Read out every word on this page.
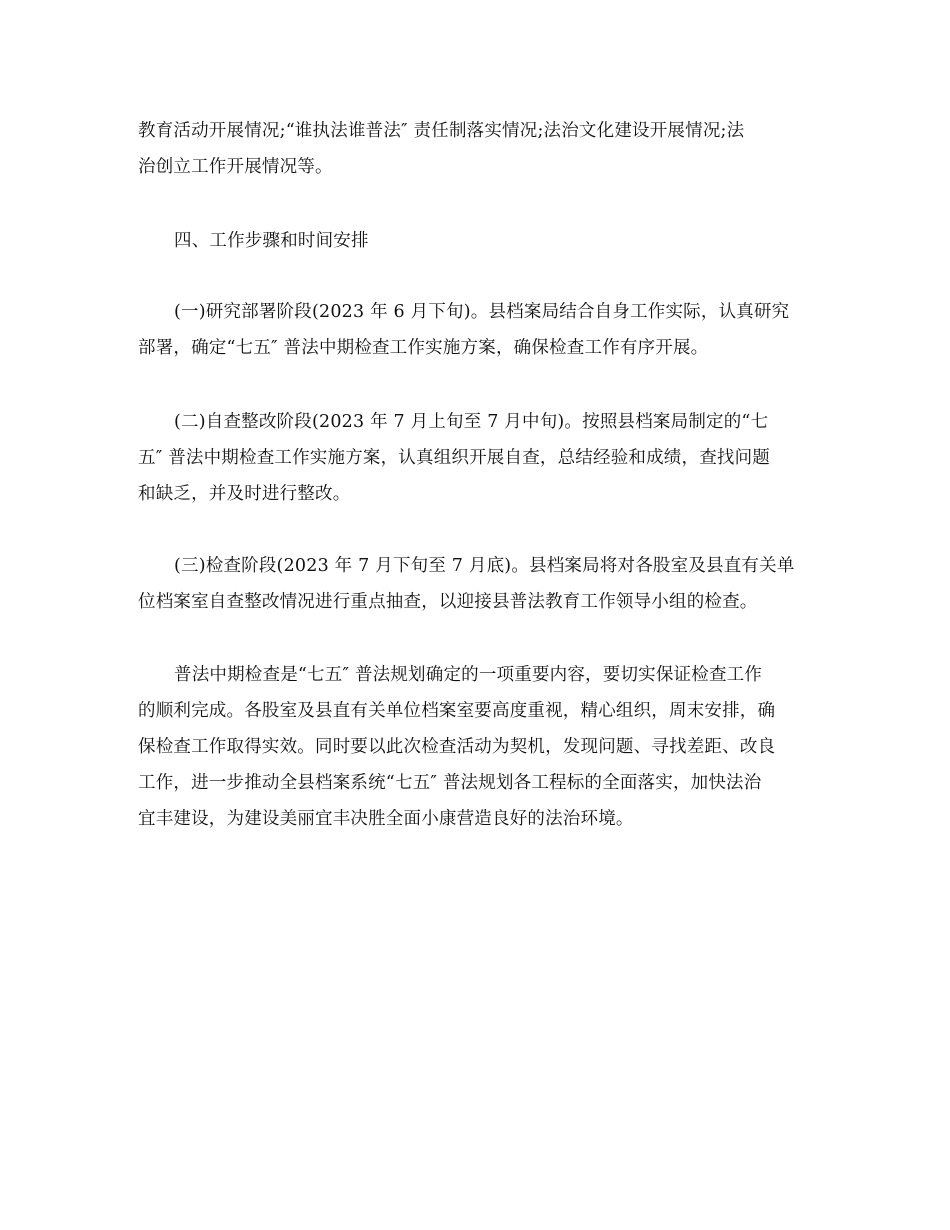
教育活动开展情况;“谁执法谁普法″ 责任制落实情况;法治文化建设开展情况;法
治创立工作开展情况等。
四、工作步骤和时间安排
(一)研究部署阶段(2023 年 6 月下旬)。县档案局结合自身工作实际，认真研究
部署，确定“七五″ 普法中期检查工作实施方案，确保检查工作有序开展。
(二)自查整改阶段(2023 年 7 月上旬至 7 月中旬)。按照县档案局制定的“七
五″ 普法中期检查工作实施方案，认真组织开展自查，总结经验和成绩，查找问题
和缺乏，并及时进行整改。
(三)检查阶段(2023 年 7 月下旬至 7 月底)。县档案局将对各股室及县直有关单
位档案室自查整改情况进行重点抽查，以迎接县普法教育工作领导小组的检查。
普法中期检查是“七五″ 普法规划确定的一项重要内容，要切实保证检查工作
的顺利完成。各股室及县直有关单位档案室要高度重视，精心组织，周末安排，确
保检查工作取得实效。同时要以此次检查活动为契机，发现问题、寻找差距、改良
工作，进一步推动全县档案系统“七五″ 普法规划各工程标的全面落实，加快法治
宜丰建设，为建设美丽宜丰决胜全面小康营造良好的法治环境。
